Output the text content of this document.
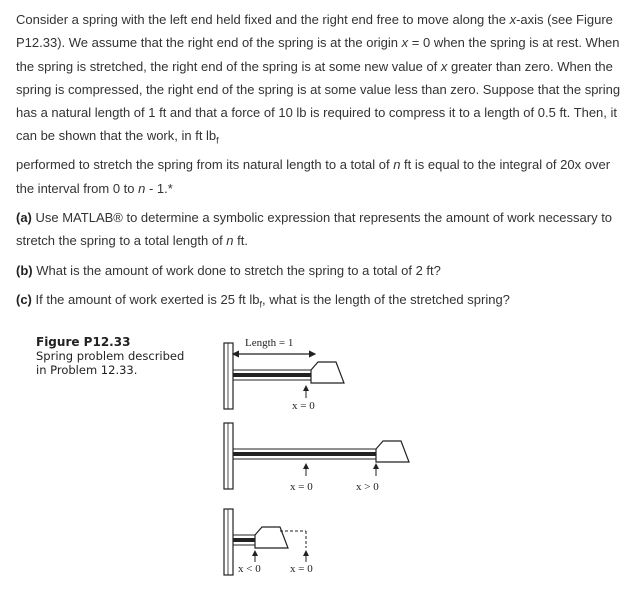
Consider a spring with the left end held fixed and the right end free to move along the x-axis (see Figure P12.33). We assume that the right end of the spring is at the origin x = 0 when the spring is at rest. When the spring is stretched, the right end of the spring is at some new value of x greater than zero. When the spring is compressed, the right end of the spring is at some value less than zero. Suppose that the spring has a natural length of 1 ft and that a force of 10 lb is required to compress it to a length of 0.5 ft. Then, it can be shown that the work, in ft $lb_f$

performed to stretch the spring from its natural length to a total of n ft is equal to the integral of 20x over the interval from 0 to n - 1.*

(a) Use MATLAB® to determine a symbolic expression that represents the amount of work necessary to stretch the spring to a total length of n ft.

(b) What is the amount of work done to stretch the spring to a total of 2 ft?

(c) If the amount of work exerted is 25 ft $lb_f$, what is the length of the stretched spring?

Figure P12.33
Spring problem described
in Problem 12.33.
Length = 1
x = 0
x = 0	x > 0
x < 0	x = 0
